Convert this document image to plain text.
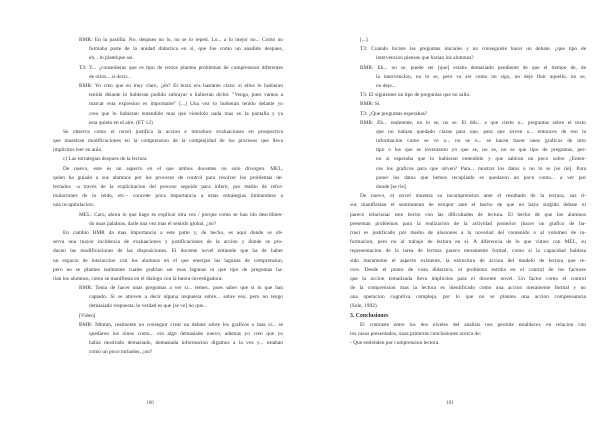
BMR: En la pastilla. No, despues no lo, no se lo repeti. Lo... a lo mejor no... Como no
formaba parte de la unidad didactica en si, que fue como un anadido despues,
eh... lo plantique asi.
T3: Y... ¿conseideras que es tipo de textos plantea problemas de comprension diferentes
de otros... si decir...
BMR: Yo creo que en muy claro, ¿eh? El texto era bastante claro: si ellos lo hubieran
tenido delante lo hubieran podido subrayar o hubieran dicho: "Venga, pues vamos a
marcar esta expresion es importante" [...] Una vez lo hubieran tenido delante yo
creo que lo hubieran entendido mas que viendolo nada mas en la pantalla y ya
esta quieto en el aire. (ET 12)
Se observa como el novel justifica la accion e introduce evaluaciones en prospectiva
que muestran modificaciones en la comprension de la complejidad de los procesos que lleva
implicitos leer en aula.
c) Las estrategias despues de la lectura
De nuevo, este es un aspecto en el que ambos docentes no solo divergen. MEL,
quien ha guiado a sus alumnos por los procesos de control para resolver los problemas de-
tectados –a traves de la explicitacion del proceso seguido para inferir, por medio de refor-
mulaciones de lo leido, etc.– concede poca importancia a estas estrategias limitandose a
una recapitulacion:
MEL: Caro, ahora lo que hago es explicar otra vez / porque como se han ido describien-
do unas palabras, darle una vez mas el sentido global, ¿no?
En cambio BMR da mas importancia a este parte y, de hecho, es aqui donde se ob-
serva una mayor incidencia de evaluaciones y justificaciones de la accion y donde se pro-
ducen las modificaciones de las disposiciones. El docente novel entiende que ha de haber
un espacio de interaccion con los alumnos en el que emerjan las lagunas de comprension,
pero no se plantea realmente cuales podrian ser esas lagunas ni que tipo de preguntas ha-
rian los alumnos, como se manifiesta en el dialogo con la tutora-investigadora:
BMR: Tenia de hacer unas preguntas a ver si... temes.. pues saber que si lo que han
captado. Si se atreven a decir alguna respuesta sobre... sobre eso, pero no tengo
demasiado respuesta, lo verdad es que [se ve] no que...
[Video]
BMR: Mhmm, realmente no conseguir crear un debate sobre los graficos o mas si... se
quedaron los ninos como... era algo demasiado nuevo, ademas yo creo que yo
habia mostrado demasiado, demasiada informacion digamos a la vez y... estaban
como un poco turbados, ¿no?
100
[...]
T3: Cuando hiciste las preguntas iniciales y no conseguiste hacer un debate, ¿que tipo de
intervencion piensas que harian los alumnos?
BMR: Eh... no se, puede ser [que] estaba demasiado pendiente de que el tiempo de, de
la intervencion, no lo se, pero va ser como no sigo, no deje fluir aquello, no se,
no deje...
T3: El siguientes un tipo de preguntas que no salio.
BMR: Si.
T3: ¿Que preguntas esperabas?
BMR: Eh... realmente, no lo se, no se. El tbh... a que cierto o... preguntas sobre el texto
que no habian quedado claras para que, para que sirven o... entonces de eso la
informacion como se ve o... no se o... se hacen hacer unos graficos de otro
tipo o los que se inventaron yo que se, no se, no se que tipo de preguntas, per-
no si esperaba que lo hubieran entendido y que sabiran un poco sobre ¿Enten-
ces los graficos para que sirven? Para... mostrar los datos o no lo se [se rie]. Para
poner los datos que hemos recopilado se quedaron un poco como... a ver por
donde [se rie].
De nuevo, el novel muestra su incomprension ante el resultado de la lectura, sus ti-
sus manifiestan el sentimiento de estupor ante el hecho de que no haya surgido debate ni
parece relacionar este hecho con las dificultades de lectura. El hecho de que los alumnos
presentan problemas para la realizacion de la actividad posterior (hacer un grafico de ba-
rras) es justificado por medio de alusiones a la novedad del contenido o al volumen de in-
formacion, pero no al trabajo de lectura en si. A diferencia de lo que vimos con MEL, su
representacion de la tarea de lectura parece meramente formal, como si la capacidad hubiera
sido meramente el aspecto existente, la estructura de accion del modelo de lectura que re-
cres. Desde el punto de vista didactico, el problema estriba en el control de los factores
que la accion tematizada lleva implicitos para el docente novel. Un factor como el control
de la comprension mas la lectura es identificado como una accion meramente formal y no
una operacion cognitiva compleja, por lo que no se plantea una accion compensatoria
(Sole, 1992).
3. Conclusiones
El contraste entre los dos niveles del analisis nos permite establecer, en relacion con
los casos presentados, unas primeras conclusiones acerca de:
- Que entienden por comprension lectora.
101
